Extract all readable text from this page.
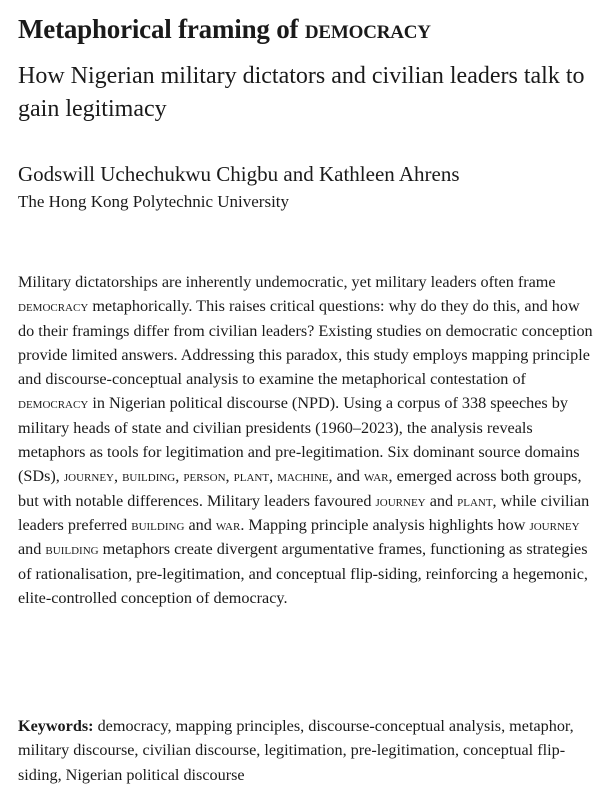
Metaphorical framing of democracy

How Nigerian military dictators and civilian leaders talk to gain legitimacy

Godswill Uchechukwu Chigbu and Kathleen Ahrens

The Hong Kong Polytechnic University

Military dictatorships are inherently undemocratic, yet military leaders often frame democracy metaphorically. This raises critical questions: why do they do this, and how do their framings differ from civilian leaders? Existing studies on democratic conception provide limited answers. Addressing this paradox, this study employs mapping principle and discourse-conceptual analysis to examine the metaphorical contestation of democracy in Nigerian political discourse (NPD). Using a corpus of 338 speeches by military heads of state and civilian presidents (1960–2023), the analysis reveals metaphors as tools for legitimation and pre-legitimation. Six dominant source domains (SDs), journey, building, person, plant, machine, and war, emerged across both groups, but with notable differences. Military leaders favoured journey and plant, while civilian leaders preferred building and war. Mapping principle analysis highlights how journey and building metaphors create divergent argumentative frames, functioning as strategies of rationalisation, pre-legitimation, and conceptual flip-siding, reinforcing a hegemonic, elite-controlled conception of democracy.

Keywords: democracy, mapping principles, discourse-conceptual analysis, metaphor, military discourse, civilian discourse, legitimation, pre-legitimation, conceptual flip-siding, Nigerian political discourse
